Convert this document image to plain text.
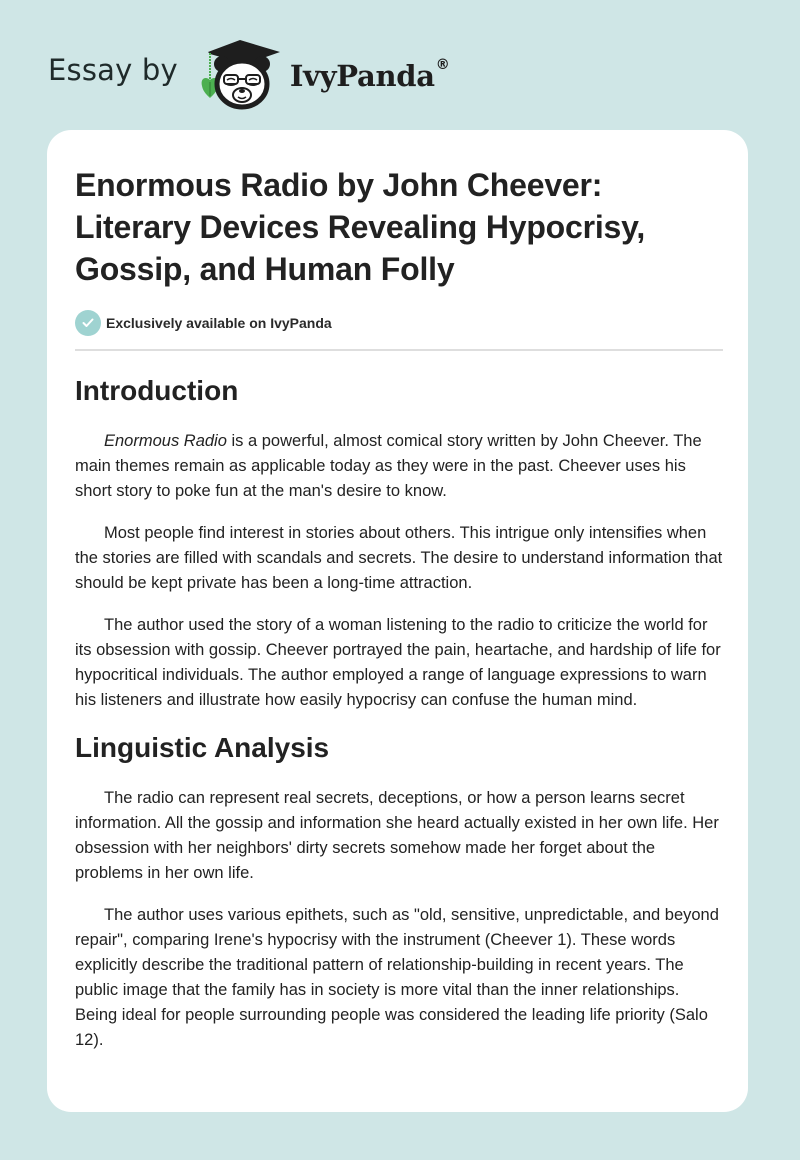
Essay by	IvyPanda®
Enormous Radio by John Cheever: Literary Devices Revealing Hypocrisy, Gossip, and Human Folly
Exclusively available on IvyPanda
Introduction

Enormous Radio is a powerful, almost comical story written by John Cheever. The main themes remain as applicable today as they were in the past. Cheever uses his short story to poke fun at the man's desire to know.

Most people find interest in stories about others. This intrigue only intensifies when the stories are filled with scandals and secrets. The desire to understand information that should be kept private has been a long-time attraction.

The author used the story of a woman listening to the radio to criticize the world for its obsession with gossip. Cheever portrayed the pain, heartache, and hardship of life for hypocritical individuals. The author employed a range of language expressions to warn his listeners and illustrate how easily hypocrisy can confuse the human mind.

Linguistic Analysis

The radio can represent real secrets, deceptions, or how a person learns secret information. All the gossip and information she heard actually existed in her own life. Her obsession with her neighbors' dirty secrets somehow made her forget about the problems in her own life.

The author uses various epithets, such as "old, sensitive, unpredictable, and beyond repair", comparing Irene's hypocrisy with the instrument (Cheever 1). These words explicitly describe the traditional pattern of relationship-building in recent years. The public image that the family has in society is more vital than the inner relationships. Being ideal for people surrounding people was considered the leading life priority (Salo 12).
